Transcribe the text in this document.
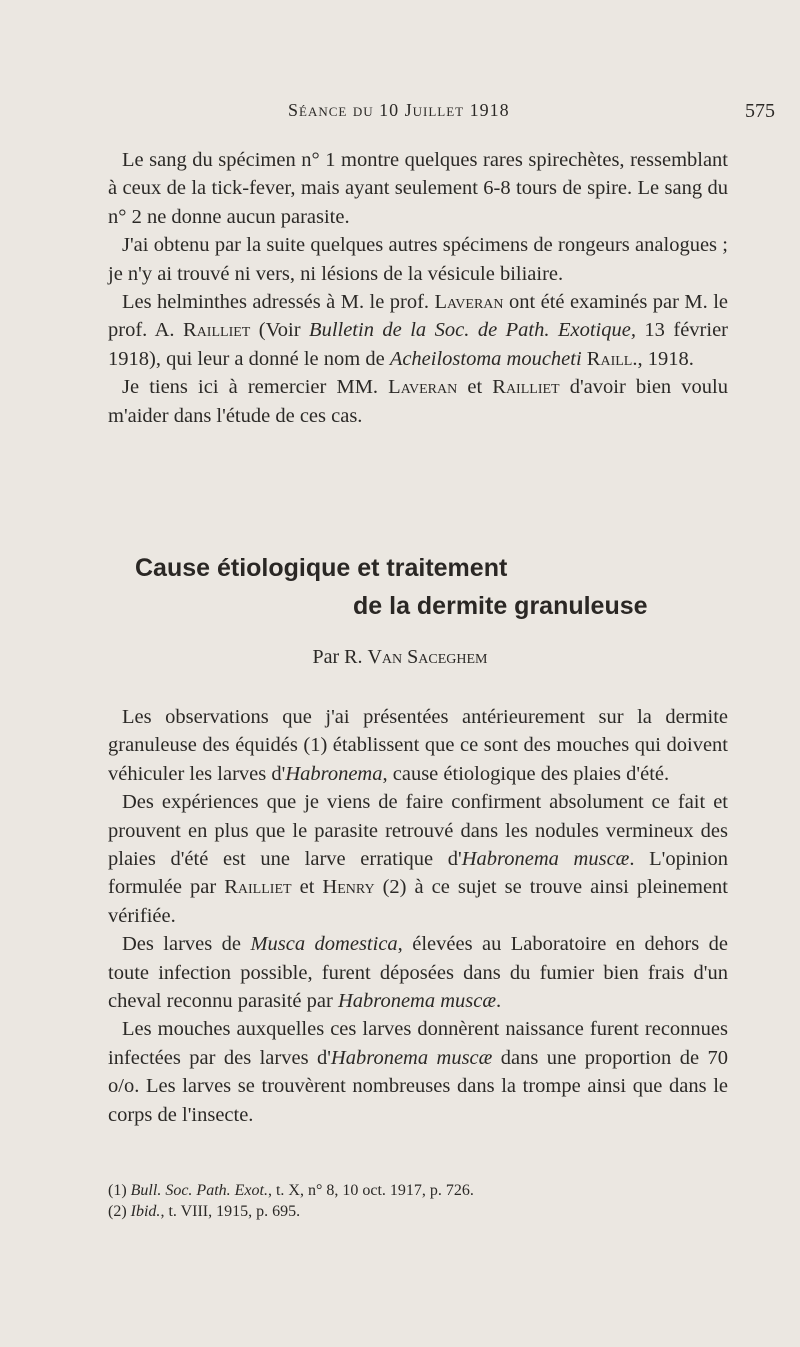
Séance du 10 Juillet 1918	575

Le sang du spécimen n° 1 montre quelques rares spirechètes, ressemblant à ceux de la tick-fever, mais ayant seulement 6-8 tours de spire. Le sang du n° 2 ne donne aucun parasite.

J'ai obtenu par la suite quelques autres spécimens de rongeurs analogues ; je n'y ai trouvé ni vers, ni lésions de la vésicule biliaire.

Les helminthes adressés à M. le prof. Laveran ont été examinés par M. le prof. A. Railliet (Voir Bulletin de la Soc. de Path. Exotique, 13 février 1918), qui leur a donné le nom de Acheilostoma moucheti Raill., 1918.

Je tiens ici à remercier MM. Laveran et Railliet d'avoir bien voulu m'aider dans l'étude de ces cas.

Cause étiologique et traitement
de la dermite granuleuse
Par R. Van Saceghem

Les observations que j'ai présentées antérieurement sur la dermite granuleuse des équidés (1) établissent que ce sont des mouches qui doivent véhiculer les larves d'Habronema, cause étiologique des plaies d'été.

Des expériences que je viens de faire confirment absolument ce fait et prouvent en plus que le parasite retrouvé dans les nodules vermineux des plaies d'été est une larve erratique d'Habronema muscæ. L'opinion formulée par Railliet et Henry (2) à ce sujet se trouve ainsi pleinement vérifiée.

Des larves de Musca domestica, élevées au Laboratoire en dehors de toute infection possible, furent déposées dans du fumier bien frais d'un cheval reconnu parasité par Habronema muscæ.

Les mouches auxquelles ces larves donnèrent naissance furent reconnues infectées par des larves d'Habronema muscæ dans une proportion de 70 o/o. Les larves se trouvèrent nombreuses dans la trompe ainsi que dans le corps de l'insecte.

(1) Bull. Soc. Path. Exot., t. X, n° 8, 10 oct. 1917, p. 726.

(2) Ibid., t. VIII, 1915, p. 695.
